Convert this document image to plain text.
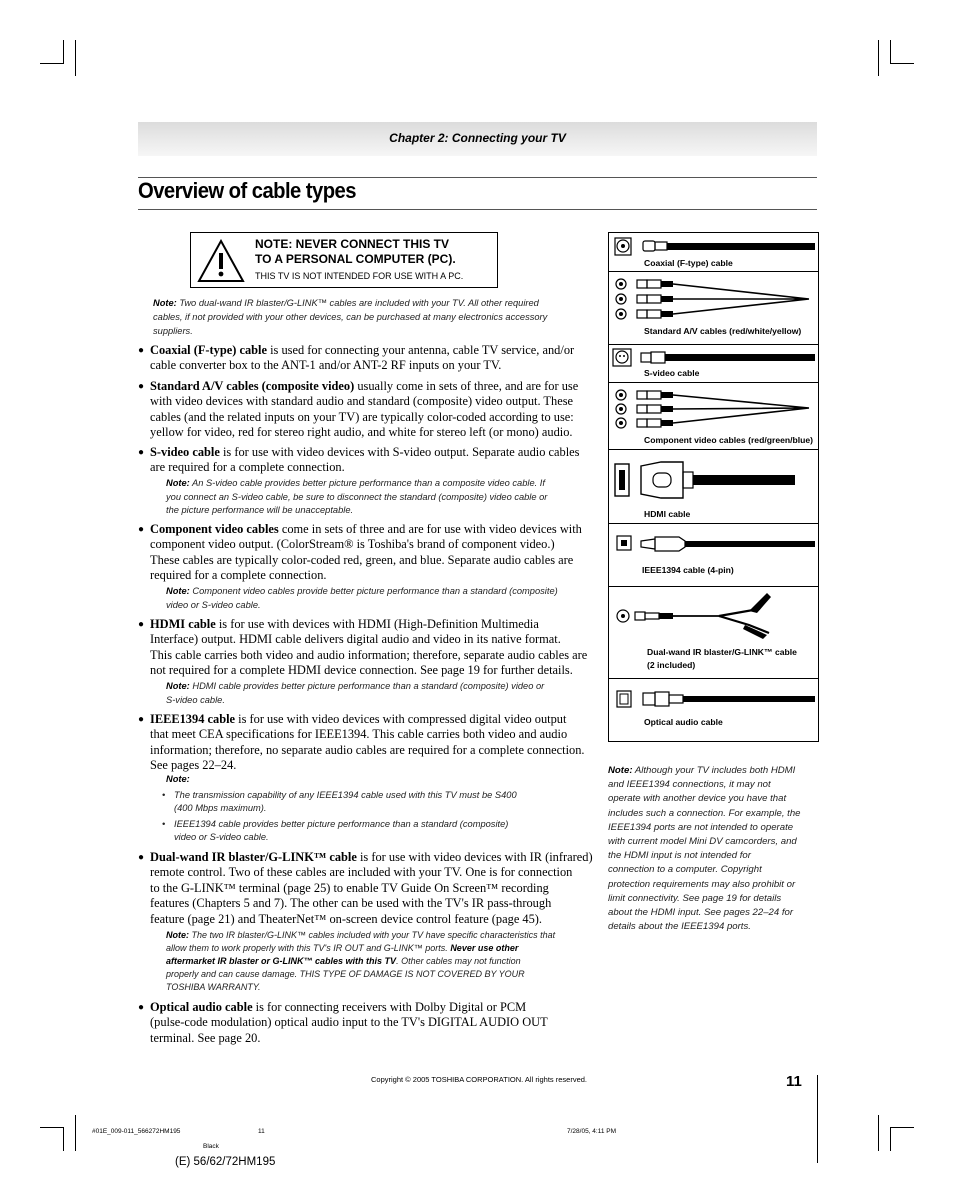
Chapter 2: Connecting your TV
Overview of cable types
NOTE: NEVER CONNECT THIS TV
TO A PERSONAL COMPUTER (PC).
THIS TV IS NOT INTENDED FOR USE WITH A PC.
Note: Two dual-wand IR blaster/G-LINK™ cables are included with your TV. All other required
cables, if not provided with your other devices, can be purchased at many electronics accessory
suppliers.
● Coaxial (F-type) cable is used for connecting your antenna, cable TV service, and/or
cable converter box to the ANT-1 and/or ANT-2 RF inputs on your TV.
● Standard A/V cables (composite video) usually come in sets of three, and are for use
with video devices with standard audio and standard (composite) video output. These
cables (and the related inputs on your TV) are typically color-coded according to use:
yellow for video, red for stereo right audio, and white for stereo left (or mono) audio.
● S-video cable is for use with video devices with S-video output. Separate audio cables
are required for a complete connection.
Note: An S-video cable provides better picture performance than a composite video cable. If
you connect an S-video cable, be sure to disconnect the standard (composite) video cable or
the picture performance will be unacceptable.
● Component video cables come in sets of three and are for use with video devices with
component video output. (ColorStream® is Toshiba's brand of component video.)
These cables are typically color-coded red, green, and blue. Separate audio cables are
required for a complete connection.
Note: Component video cables provide better picture performance than a standard (composite)
video or S-video cable.
● HDMI cable is for use with devices with HDMI (High-Definition Multimedia
Interface) output. HDMI cable delivers digital audio and video in its native format.
This cable carries both video and audio information; therefore, separate audio cables are
not required for a complete HDMI device connection. See page 19 for further details.
Note: HDMI cable provides better picture performance than a standard (composite) video or
S-video cable.
● IEEE1394 cable is for use with video devices with compressed digital video output
that meet CEA specifications for IEEE1394. This cable carries both video and audio
information; therefore, no separate audio cables are required for a complete connection.
See pages 22–24.
Note:
• The transmission capability of any IEEE1394 cable used with this TV must be S400
(400 Mbps maximum).
• IEEE1394 cable provides better picture performance than a standard (composite)
video or S-video cable.
● Dual-wand IR blaster/G-LINK™ cable is for use with video devices with IR (infrared)
remote control. Two of these cables are included with your TV. One is for connection
to the G-LINK™ terminal (page 25) to enable TV Guide On Screen™ recording
features (Chapters 5 and 7). The other can be used with the TV's IR pass-through
feature (page 21) and TheaterNet™ on-screen device control feature (page 45).
Note: The two IR blaster/G-LINK™ cables included with your TV have specific characteristics that
allow them to work properly with this TV's IR OUT and G-LINK™ ports. Never use other
aftermarket IR blaster or G-LINK™ cables with this TV. Other cables may not function
properly and can cause damage. THIS TYPE OF DAMAGE IS NOT COVERED BY YOUR
TOSHIBA WARRANTY.
● Optical audio cable is for connecting receivers with Dolby Digital or PCM
(pulse-code modulation) optical audio input to the TV's DIGITAL AUDIO OUT
terminal. See page 20.
Coaxial (F-type) cable
Standard A/V cables (red/white/yellow)
S-video cable
Component video cables (red/green/blue)
HDMI cable
IEEE1394 cable (4-pin)
Dual-wand IR blaster/G-LINK™ cable
(2 included)
Optical audio cable
Note: Although your TV includes both HDMI
and IEEE1394 connections, it may not
operate with another device you have that
includes such a connection. For example, the
IEEE1394 ports are not intended to operate
with current model Mini DV camcorders, and
the HDMI input is not intended for
connection to a computer. Copyright
protection requirements may also prohibit or
limit connectivity. See page 19 for details
about the HDMI input. See pages 22–24 for
details about the IEEE1394 ports.
Copyright © 2005 TOSHIBA CORPORATION. All rights reserved.	11
#01E_009-011_566272HM195	11	7/28/05, 4:11 PM
Black
(E) 56/62/72HM195
